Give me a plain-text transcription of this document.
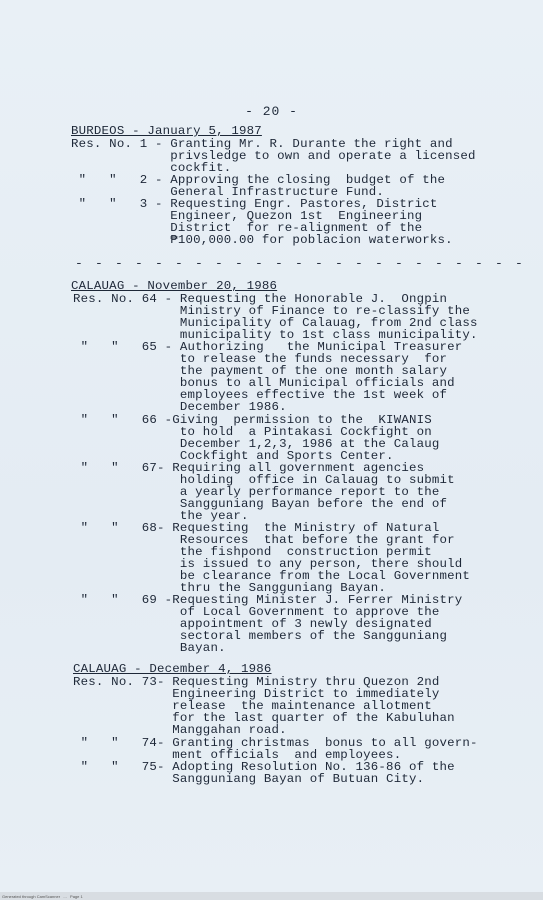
- 20 -
BURDEOS - January 5, 1987
Res. No. 1 - Granting Mr. R. Durante the right and
privsledge to own and operate a licensed
cockfit.
"   "   2 - Approving the closing  budget of the
General Infrastructure Fund.
"   "   3 - Requesting Engr. Pastores, District
Engineer, Quezon 1st  Engineering
District  for re-alignment of the
₱100,000.00 for poblacion waterworks.
- - - - - - - - - - - - - - - - - - - - - - -
CALAUAG - November 20, 1986
Res. No. 64 - Requesting the Honorable J.  Ongpin
Ministry of Finance to re-classify the
Municipality of Calauag, from 2nd class
municipality to 1st class municipality.
"   "   65 - Authorizing   the Municipal Treasurer
to release the funds necessary  for
the payment of the one month salary
bonus to all Municipal officials and
employees effective the 1st week of
December 1986.
"   "   66 -Giving  permission to the  KIWANIS
to hold  a Pintakasi Cockfight on
December 1,2,3, 1986 at the Calaug
Cockfight and Sports Center.
"   "   67- Requiring all government agencies
holding  office in Calauag to submit
a yearly performance report to the
Sangguniang Bayan before the end of
the year.
"   "   68- Requesting  the Ministry of Natural
Resources  that before the grant for
the fishpond  construction permit
is issued to any person, there should
be clearance from the Local Government
thru the Sangguniang Bayan.
"   "   69 -Requesting Minister J. Ferrer Ministry
of Local Government to approve the
appointment of 3 newly designated
sectoral members of the Sangguniang
Bayan.
CALAUAG - December 4, 1986
Res. No. 73- Requesting Ministry thru Quezon 2nd
Engineering District to immediately
release  the maintenance allotment
for the last quarter of the Kabuluhan
Manggahan road.
"   "   74- Granting christmas  bonus to all govern-
ment officials  and employees.
"   "   75- Adopting Resolution No. 136-86 of the
Sangguniang Bayan of Butuan City.
Generated through CamScanner   ...   Page 1
